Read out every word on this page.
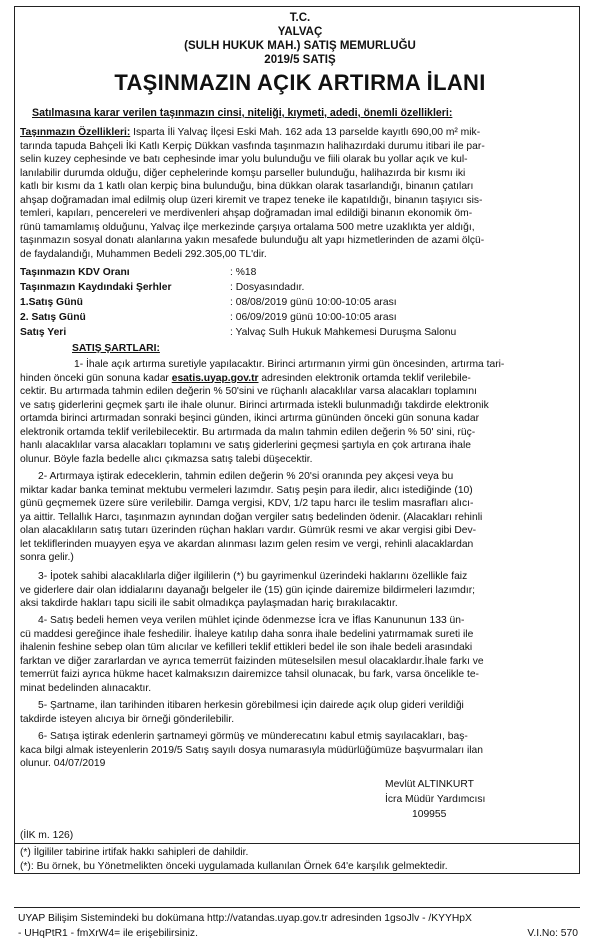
T.C.
YALVAÇ
(SULH HUKUK MAH.) SATIŞ MEMURLUĞU
2019/5 SATIŞ
TAŞINMAZIN AÇIK ARTIRMA İLANI
Satılmasına karar verilen taşınmazın cinsi, niteliği, kıymeti, adedi, önemli özellikleri:
Taşınmazın Özellikleri: Isparta İli Yalvaç İlçesi Eski Mah. 162 ada 13 parselde kayıtlı 690,00 m² mik-
tarında tapuda Bahçeli İki Katlı Kerpiç Dükkan vasfında taşınmazın halihazırdaki durumu itibari ile par-
selin kuzey cephesinde ve batı cephesinde imar yolu bulunduğu ve fiili olarak bu yollar açık ve kul-
lanılabilir durumda olduğu, diğer cephelerinde komşu parseller bulunduğu, halihazırda bir kısmı iki
katlı bir kısmı da 1 katlı olan kerpiç bina bulunduğu, bina dükkan olarak tasarlandığı, binanın çatıları
ahşap doğramadan imal edilmiş olup üzeri kiremit ve trapez teneke ile kapatıldığı, binanın taşıyıcı sis-
temleri, kapıları, pencereleri ve merdivenleri ahşap doğramadan imal edildiği binanın ekonomik öm-
rünü tamamlamış olduğunu, Yalvaç ilçe merkezinde çarşıya ortalama 500 metre uzaklıkta yer aldığı,
taşınmazın sosyal donatı alanlarına yakın mesafede bulunduğu alt yapı hizmetlerinden de azami ölçü-
de faydalandığı, Muhammen Bedeli 292.305,00 TL'dir.
Taşınmazın KDV Oranı	: %18
Taşınmazın Kaydındaki Şerhler	: Dosyasındadır.
1.Satış Günü	: 08/08/2019 günü 10:00-10:05 arası
2. Satış Günü	: 06/09/2019 günü 10:00-10:05 arası
Satış Yeri	: Yalvaç Sulh Hukuk Mahkemesi Duruşma Salonu
SATIŞ ŞARTLARI:
1- İhale açık artırma suretiyle yapılacaktır. Birinci artırmanın yirmi gün öncesinden, artırma tari-
hinden önceki gün sonuna kadar esatis.uyap.gov.tr adresinden elektronik ortamda teklif verilebile-
cektir. Bu artırmada tahmin edilen değerin % 50'sini ve rüçhanlı alacaklılar varsa alacakları toplamını
ve satış giderlerini geçmek şartı ile ihale olunur. Birinci artırmada istekli bulunmadığı takdirde elektronik
ortamda birinci artırmadan sonraki beşinci günden, ikinci artırma gününden önceki gün sonuna kadar
elektronik ortamda teklif verilebilecektir. Bu artırmada da malın tahmin edilen değerin % 50' sini, rüç-
hanlı alacaklılar varsa alacakları toplamını ve satış giderlerini geçmesi şartıyla en çok artırana ihale
olunur. Böyle fazla bedelle alıcı çıkmazsa satış talebi düşecektir.
2- Artırmaya iştirak edeceklerin, tahmin edilen değerin % 20'si oranında pey akçesi veya bu
miktar kadar banka teminat mektubu vermeleri lazımdır. Satış peşin para iledir, alıcı istediğinde (10)
günü geçmemek üzere süre verilebilir. Damga vergisi, KDV, 1/2 tapu harcı ile teslim masrafları alıcı-
ya aittir. Tellallık Harcı, taşınmazın aynından doğan vergiler satış bedelinden ödenir. (Alacakları rehinli
olan alacaklıların satış tutarı üzerinden rüçhan hakları vardır. Gümrük resmi ve akar vergisi gibi Dev-
let tekliflerinden muayyen eşya ve akardan alınması lazım gelen resim ve vergi, rehinli alacaklardan
sonra gelir.)
3- İpotek sahibi alacaklılarla diğer ilgililerin (*) bu gayrimenkul üzerindeki haklarını özellikle faiz
ve giderlere dair olan iddialarını dayanağı belgeler ile (15) gün içinde dairemize bildirmeleri lazımdır;
aksi takdirde hakları tapu sicili ile sabit olmadıkça paylaşmadan hariç bırakılacaktır.
4- Satış bedeli hemen veya verilen mühlet içinde ödenmezse İcra ve İflas Kanununun 133 ün-
cü maddesi gereğince ihale feshedilir. İhaleye katılıp daha sonra ihale bedelini yatırmamak sureti ile
ihalenin feshine sebep olan tüm alıcılar ve kefilleri teklif ettikleri bedel ile son ihale bedeli arasındaki
farktan ve diğer zararlardan ve ayrıca temerrüt faizinden müteselsilen mesul olacaklardır.İhale farkı ve
temerrüt faizi ayrıca hükme hacet kalmaksızın dairemizce tahsil olunacak, bu fark, varsa öncelikle te-
minat bedelinden alınacaktır.
5- Şartname, ilan tarihinden itibaren herkesin görebilmesi için dairede açık olup gideri verildiği
takdirde isteyen alıcıya bir örneği gönderilebilir.
6- Satışa iştirak edenlerin şartnameyi görmüş ve münderecatını kabul etmiş sayılacakları, baş-
kaca bilgi almak isteyenlerin 2019/5 Satış sayılı dosya numarasıyla müdürlüğümüze başvurmaları ilan
olunur. 04/07/2019
Mevlüt ALTINKURT
İcra Müdür Yardımcısı
109955
(İlK m. 126)
(*) İlgililer tabirine irtifak hakkı sahipleri de dahildir.
(*): Bu örnek, bu Yönetmelikten önceki uygulamada kullanılan Örnek 64'e karşılık gelmektedir.
UYAP Bilişim Sistemindeki bu dokümana http://vatandas.uyap.gov.tr adresinden 1gsoJlv - /KYYHpX
- UHqPtR1 - fmXrW4= ile erişebilirsiniz.	V.I.No: 570
